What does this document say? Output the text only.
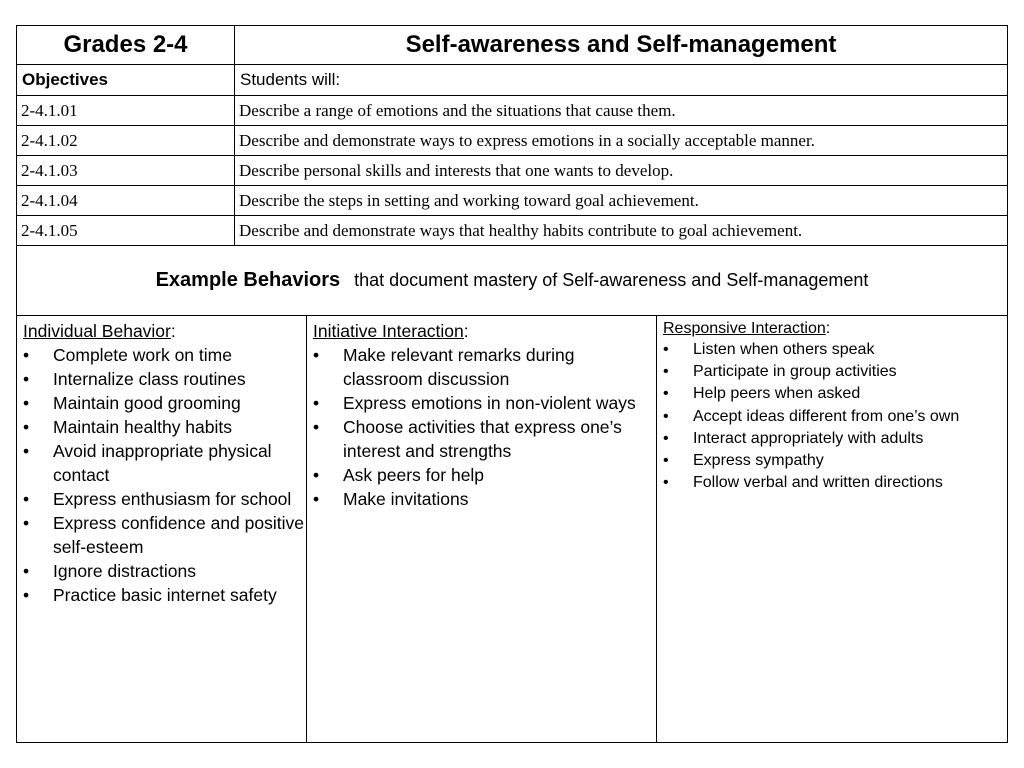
Grades 2-4	Self-awareness and Self-management
Objectives	Students will:
2-4.1.01	Describe a range of emotions and the situations that cause them.
2-4.1.02	Describe and demonstrate ways to express emotions in a socially acceptable manner.
2-4.1.03	Describe personal skills and interests that one wants to develop.
2-4.1.04	Describe the steps in setting and working toward goal achievement.
2-4.1.05	Describe and demonstrate ways that healthy habits contribute to goal achievement.
Example Behaviors that document mastery of Self-awareness and Self-management
Individual Behavior:
• Complete work on time
• Internalize class routines
• Maintain good grooming
• Maintain healthy habits
• Avoid inappropriate physical contact
• Express enthusiasm for school
• Express confidence and positive self-esteem
• Ignore distractions
• Practice basic internet safety
Initiative Interaction:
• Make relevant remarks during classroom discussion
• Express emotions in non-violent ways
• Choose activities that express one’s interest and strengths
• Ask peers for help
• Make invitations
Responsive Interaction:
• Listen when others speak
• Participate in group activities
• Help peers when asked
• Accept ideas different from one’s own
• Interact appropriately with adults
• Express sympathy
• Follow verbal and written directions
